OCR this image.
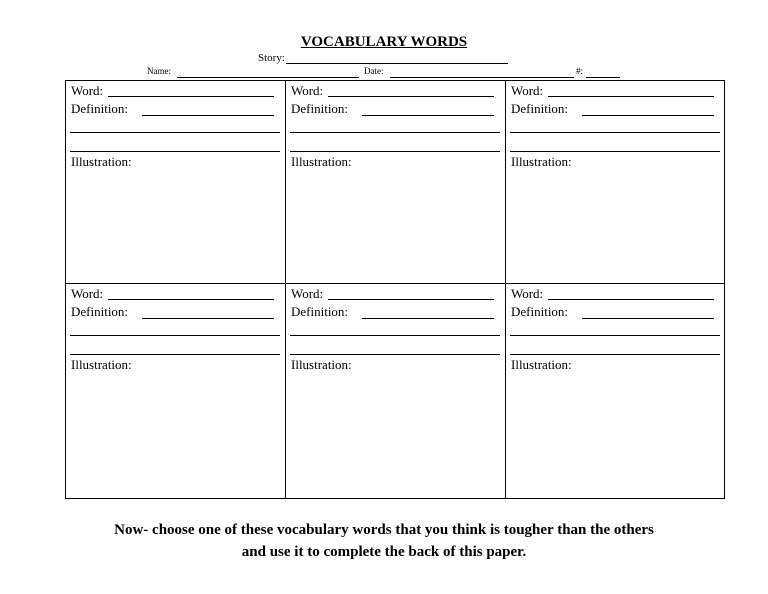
VOCABULARY WORDS
Story:
Name:	Date:	#:
Word:
Definition:
Illustration:
Word:
Definition:
Illustration:
Word:
Definition:
Illustration:
Word:
Definition:
Illustration:
Word:
Definition:
Illustration:
Word:
Definition:
Illustration:
Now- choose one of these vocabulary words that you think is tougher than the others
and use it to complete the back of this paper.
